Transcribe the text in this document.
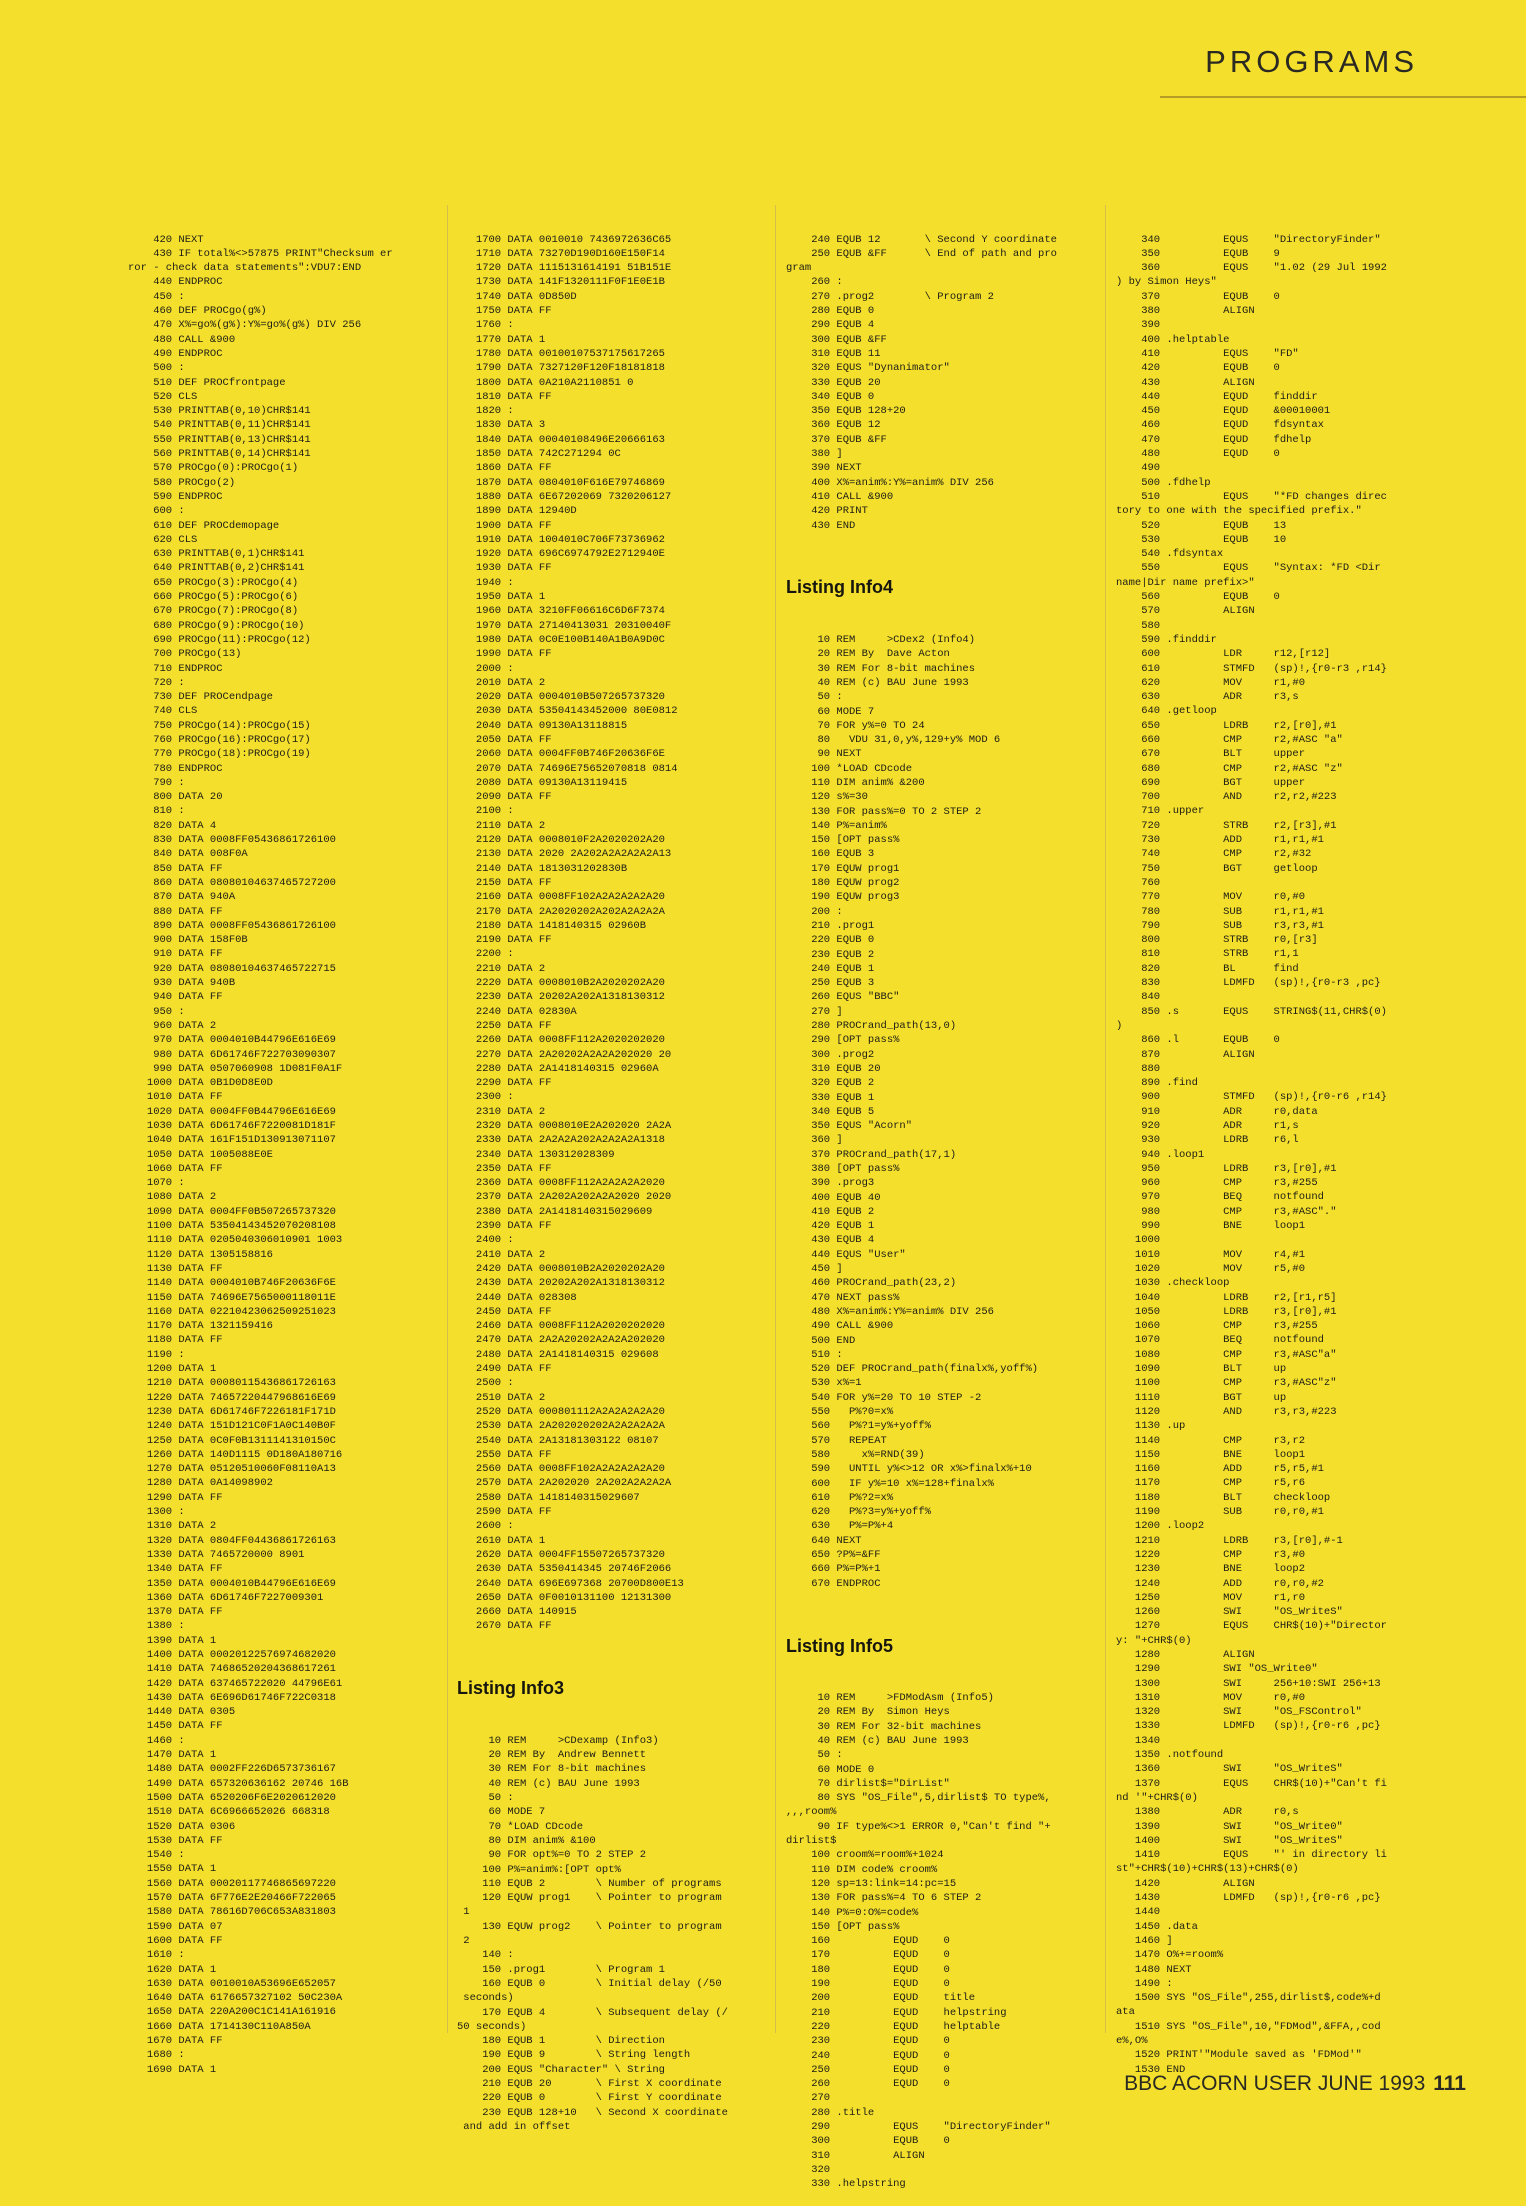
PROGRAMS

420 NEXT
430 IF total%<>57875 PRINT"Checksum er
ror - check data statements":VDU7:END
440 ENDPROC
450 :
460 DEF PROCgo(g%)
470 X%=go%(g%):Y%=go%(g%) DIV 256
480 CALL &900
490 ENDPROC
500 :
510 DEF PROCfrontpage
520 CLS
530 PRINTTAB(0,10)CHR$141
540 PRINTTAB(0,11)CHR$141
550 PRINTTAB(0,13)CHR$141
560 PRINTTAB(0,14)CHR$141
570 PROCgo(0):PROCgo(1)
580 PROCgo(2)
590 ENDPROC
600 :
610 DEF PROCdemopage
620 CLS
630 PRINTTAB(0,1)CHR$141
640 PRINTTAB(0,2)CHR$141
650 PROCgo(3):PROCgo(4)
660 PROCgo(5):PROCgo(6)
670 PROCgo(7):PROCgo(8)
680 PROCgo(9):PROCgo(10)
690 PROCgo(11):PROCgo(12)
700 PROCgo(13)
710 ENDPROC
720 :
730 DEF PROCendpage
740 CLS
750 PROCgo(14):PROCgo(15)
760 PROCgo(16):PROCgo(17)
770 PROCgo(18):PROCgo(19)
780 ENDPROC
790 :
800 DATA 20
810 :
820 DATA 4
830 DATA 0008FF05436861726100
840 DATA 008F0A
850 DATA FF
860 DATA 08080104637465727200
870 DATA 940A
880 DATA FF
890 DATA 0008FF05436861726100
900 DATA 158F0B
910 DATA FF
920 DATA 08080104637465722715
930 DATA 940B
940 DATA FF
950 :
960 DATA 2
970 DATA 0004010B44796E616E69
980 DATA 6D61746F722703090307
990 DATA 0507060908 1D081F0A1F
1000 DATA 0B1D0D8E0D
1010 DATA FF
1020 DATA 0004FF0B44796E616E69
1030 DATA 6D61746F7220081D181F
1040 DATA 161F151D130913071107
1050 DATA 1005088E0E
1060 DATA FF
1070 :
1080 DATA 2
1090 DATA 0004FF0B507265737320
1100 DATA 53504143452070208108
1110 DATA 0205040306010901 1003
1120 DATA 1305158816
1130 DATA FF
1140 DATA 0004010B746F20636F6E
1150 DATA 74696E7565000118011E
1160 DATA 02210423062509251023
1170 DATA 1321159416
1180 DATA FF
1190 :
1200 DATA 1
1210 DATA 00080115436861726163
1220 DATA 74657220447968616E69
1230 DATA 6D61746F7226181F171D
1240 DATA 151D121C0F1A0C140B0F
1250 DATA 0C0F0B1311141310150C
1260 DATA 140D1115 0D180A180716
1270 DATA 05120510060F08110A13
1280 DATA 0A14098902
1290 DATA FF
1300 :
1310 DATA 2
1320 DATA 0804FF04436861726163
1330 DATA 7465720000 8901
1340 DATA FF
1350 DATA 0004010B44796E616E69
1360 DATA 6D61746F7227009301
1370 DATA FF
1380 :
1390 DATA 1
1400 DATA 00020122576974682020
1410 DATA 74686520204368617261
1420 DATA 637465722020 44796E61
1430 DATA 6E696D61746F722C0318
1440 DATA 0305
1450 DATA FF
1460 :
1470 DATA 1
1480 DATA 0002FF226D6573736167
1490 DATA 657320636162 20746 16B
1500 DATA 6520206F6E2020612020
1510 DATA 6C6966652026 668318
1520 DATA 0306
1530 DATA FF
1540 :
1550 DATA 1
1560 DATA 00020117746865697220
1570 DATA 6F776E2E20466F722065
1580 DATA 78616D706C653A831803
1590 DATA 07
1600 DATA FF
1610 :
1620 DATA 1
1630 DATA 0010010A53696E652057
1640 DATA 6176657327102 50C230A
1650 DATA 220A200C1C141A161916
1660 DATA 1714130C110A850A
1670 DATA FF
1680 :
1690 DATA 1

1700 DATA 0010010 7436972636C65
1710 DATA 73270D190D160E150F14
1720 DATA 1115131614191 51B151E
1730 DATA 141F1320111F0F1E0E1B
1740 DATA 0D850D
1750 DATA FF
1760 :
1770 DATA 1
1780 DATA 00100107537175617265
1790 DATA 7327120F120F18181818
1800 DATA 0A210A2110851 0
1810 DATA FF
1820 :
1830 DATA 3
1840 DATA 00040108496E20666163
1850 DATA 742C271294 0C
1860 DATA FF
1870 DATA 0804010F616E79746869
1880 DATA 6E67202069 7320206127
1890 DATA 12940D
1900 DATA FF
1910 DATA 1004010C706F73736962
1920 DATA 696C6974792E2712940E
1930 DATA FF
1940 :
1950 DATA 1
1960 DATA 3210FF06616C6D6F7374
1970 DATA 27140413031 20310040F
1980 DATA 0C0E100B140A1B0A9D0C
1990 DATA FF
2000 :
2010 DATA 2
2020 DATA 0004010B507265737320
2030 DATA 53504143452000 80E0812
2040 DATA 09130A13118815
2050 DATA FF
2060 DATA 0004FF0B746F20636F6E
2070 DATA 74696E75652070818 0814
2080 DATA 09130A13119415
2090 DATA FF
2100 :
2110 DATA 2
2120 DATA 0008010F2A2020202A20
2130 DATA 2020 2A202A2A2A2A2A13
2140 DATA 1813031202830B
2150 DATA FF
2160 DATA 0008FF102A2A2A2A2A20
2170 DATA 2A2020202A202A2A2A2A
2180 DATA 1418140315 02960B
2190 DATA FF
2200 :
2210 DATA 2
2220 DATA 0008010B2A2020202A20
2230 DATA 20202A202A1318130312
2240 DATA 02830A
2250 DATA FF
2260 DATA 0008FF112A2020202020
2270 DATA 2A20202A2A2A202020 20
2280 DATA 2A1418140315 02960A
2290 DATA FF
2300 :
2310 DATA 2
2320 DATA 0008010E2A202020 2A2A
2330 DATA 2A2A2A202A2A2A2A1318
2340 DATA 130312028309
2350 DATA FF
2360 DATA 0008FF112A2A2A2A2020
2370 DATA 2A202A202A2A2020 2020
2380 DATA 2A1418140315029609
2390 DATA FF
2400 :
2410 DATA 2
2420 DATA 0008010B2A2020202A20
2430 DATA 20202A202A1318130312
2440 DATA 028308
2450 DATA FF
2460 DATA 0008FF112A2020202020
2470 DATA 2A2A20202A2A2A202020
2480 DATA 2A1418140315 029608
2490 DATA FF
2500 :
2510 DATA 2
2520 DATA 000801112A2A2A2A2A20
2530 DATA 2A202020202A2A2A2A2A
2540 DATA 2A13181303122 08107
2550 DATA FF
2560 DATA 0008FF102A2A2A2A2A20
2570 DATA 2A202020 2A202A2A2A2A
2580 DATA 1418140315029607
2590 DATA FF
2600 :
2610 DATA 1
2620 DATA 0004FF15507265737320
2630 DATA 5350414345 20746F2066
2640 DATA 696E697368 20700D800E13
2650 DATA 0F0010131100 12131300
2660 DATA 140915
2670 DATA FF

Listing Info3

10 REM     >CDexamp (Info3)
20 REM By  Andrew Bennett
30 REM For 8-bit machines
40 REM (c) BAU June 1993
50 :
60 MODE 7
70 *LOAD CDcode
80 DIM anim% &100
90 FOR opt%=0 TO 2 STEP 2
100 P%=anim%:[OPT opt%
110 EQUB 2        \ Number of programs
120 EQUW prog1    \ Pointer to program
1
130 EQUW prog2    \ Pointer to program
2
140 :
150 .prog1        \ Program 1
160 EQUB 0        \ Initial delay (/50
seconds)
170 EQUB 4        \ Subsequent delay (/
50 seconds)
180 EQUB 1        \ Direction
190 EQUB 9        \ String length
200 EQUS "Character" \ String
210 EQUB 20       \ First X coordinate
220 EQUB 0        \ First Y coordinate
230 EQUB 128+10   \ Second X coordinate
and add in offset

240 EQUB 12       \ Second Y coordinate
250 EQUB &FF      \ End of path and pro
gram
260 :
270 .prog2        \ Program 2
280 EQUB 0
290 EQUB 4
300 EQUB &FF
310 EQUB 11
320 EQUS "Dynanimator"
330 EQUB 20
340 EQUB 0
350 EQUB 128+20
360 EQUB 12
370 EQUB &FF
380 ]
390 NEXT
400 X%=anim%:Y%=anim% DIV 256
410 CALL &900
420 PRINT
430 END

Listing Info4

10 REM     >CDex2 (Info4)
20 REM By  Dave Acton
30 REM For 8-bit machines
40 REM (c) BAU June 1993
50 :
60 MODE 7
70 FOR y%=0 TO 24
80   VDU 31,0,y%,129+y% MOD 6
90 NEXT
100 *LOAD CDcode
110 DIM anim% &200
120 s%=30
130 FOR pass%=0 TO 2 STEP 2
140 P%=anim%
150 [OPT pass%
160 EQUB 3
170 EQUW prog1
180 EQUW prog2
190 EQUW prog3
200 :
210 .prog1
220 EQUB 0
230 EQUB 2
240 EQUB 1
250 EQUB 3
260 EQUS "BBC"
270 ]
280 PROCrand_path(13,0)
290 [OPT pass%
300 .prog2
310 EQUB 20
320 EQUB 2
330 EQUB 1
340 EQUB 5
350 EQUS "Acorn"
360 ]
370 PROCrand_path(17,1)
380 [OPT pass%
390 .prog3
400 EQUB 40
410 EQUB 2
420 EQUB 1
430 EQUB 4
440 EQUS "User"
450 ]
460 PROCrand_path(23,2)
470 NEXT pass%
480 X%=anim%:Y%=anim% DIV 256
490 CALL &900
500 END
510 :
520 DEF PROCrand_path(finalx%,yoff%)
530 x%=1
540 FOR y%=20 TO 10 STEP -2
550   P%?0=x%
560   P%?1=y%+yoff%
570   REPEAT
580     x%=RND(39)
590   UNTIL y%<>12 OR x%>finalx%+10
600   IF y%=10 x%=128+finalx%
610   P%?2=x%
620   P%?3=y%+yoff%
630   P%=P%+4
640 NEXT
650 ?P%=&FF
660 P%=P%+1
670 ENDPROC

Listing Info5

10 REM     >FDModAsm (Info5)
20 REM By  Simon Heys
30 REM For 32-bit machines
40 REM (c) BAU June 1993
50 :
60 MODE 0
70 dirlist$="DirList"
80 SYS "OS_File",5,dirlist$ TO type%,
,,,room%
90 IF type%<>1 ERROR 0,"Can't find "+
dirlist$
100 croom%=room%+1024
110 DIM code% croom%
120 sp=13:link=14:pc=15
130 FOR pass%=4 TO 6 STEP 2
140 P%=0:O%=code%
150 [OPT pass%
160          EQUD    0
170          EQUD    0
180          EQUD    0
190          EQUD    0
200          EQUD    title
210          EQUD    helpstring
220          EQUD    helptable
230          EQUD    0
240          EQUD    0
250          EQUD    0
260          EQUD    0
270
280 .title
290          EQUS    "DirectoryFinder"
300          EQUB    0
310          ALIGN
320
330 .helpstring

340          EQUS    "DirectoryFinder"
350          EQUB    9
360          EQUS    "1.02 (29 Jul 1992
) by Simon Heys"
370          EQUB    0
380          ALIGN
390
400 .helptable
410          EQUS    "FD"
420          EQUB    0
430          ALIGN
440          EQUD    finddir
450          EQUD    &00010001
460          EQUD    fdsyntax
470          EQUD    fdhelp
480          EQUD    0
490
500 .fdhelp
510          EQUS    "*FD changes direc
tory to one with the specified prefix."
520          EQUB    13
530          EQUB    10
540 .fdsyntax
550          EQUS    "Syntax: *FD <Dir
name|Dir name prefix>"
560          EQUB    0
570          ALIGN
580
590 .finddir
600          LDR     r12,[r12]
610          STMFD   (sp)!,{r0-r3 ,r14}
620          MOV     r1,#0
630          ADR     r3,s
640 .getloop
650          LDRB    r2,[r0],#1
660          CMP     r2,#ASC "a"
670          BLT     upper
680          CMP     r2,#ASC "z"
690          BGT     upper
700          AND     r2,r2,#223
710 .upper
720          STRB    r2,[r3],#1
730          ADD     r1,r1,#1
740          CMP     r2,#32
750          BGT     getloop
760
770          MOV     r0,#0
780          SUB     r1,r1,#1
790          SUB     r3,r3,#1
800          STRB    r0,[r3]
810          STRB    r1,1
820          BL      find
830          LDMFD   (sp)!,{r0-r3 ,pc}
840
850 .s       EQUS    STRING$(11,CHR$(0)
)
860 .l       EQUB    0
870          ALIGN
880
890 .find
900          STMFD   (sp)!,{r0-r6 ,r14}
910          ADR     r0,data
920          ADR     r1,s
930          LDRB    r6,l
940 .loop1
950          LDRB    r3,[r0],#1
960          CMP     r3,#255
970          BEQ     notfound
980          CMP     r3,#ASC"."
990          BNE     loop1
1000
1010          MOV     r4,#1
1020          MOV     r5,#0
1030 .checkloop
1040          LDRB    r2,[r1,r5]
1050          LDRB    r3,[r0],#1
1060          CMP     r3,#255
1070          BEQ     notfound
1080          CMP     r3,#ASC"a"
1090          BLT     up
1100          CMP     r3,#ASC"z"
1110          BGT     up
1120          AND     r3,r3,#223
1130 .up
1140          CMP     r3,r2
1150          BNE     loop1
1160          ADD     r5,r5,#1
1170          CMP     r5,r6
1180          BLT     checkloop
1190          SUB     r0,r0,#1
1200 .loop2
1210          LDRB    r3,[r0],#-1
1220          CMP     r3,#0
1230          BNE     loop2
1240          ADD     r0,r0,#2
1250          MOV     r1,r0
1260          SWI     "OS_WriteS"
1270          EQUS    CHR$(10)+"Director
y: "+CHR$(0)
1280          ALIGN
1290          SWI "OS_Write0"
1300          SWI     256+10:SWI 256+13
1310          MOV     r0,#0
1320          SWI     "OS_FSControl"
1330          LDMFD   (sp)!,{r0-r6 ,pc}
1340
1350 .notfound
1360          SWI     "OS_WriteS"
1370          EQUS    CHR$(10)+"Can't fi
nd '"+CHR$(0)
1380          ADR     r0,s
1390          SWI     "OS_Write0"
1400          SWI     "OS_WriteS"
1410          EQUS    "' in directory li
st"+CHR$(10)+CHR$(13)+CHR$(0)
1420          ALIGN
1430          LDMFD   (sp)!,{r0-r6 ,pc}
1440
1450 .data
1460 ]
1470 O%+=room%
1480 NEXT
1490 :
1500 SYS "OS_File",255,dirlist$,code%+d
ata
1510 SYS "OS_File",10,"FDMod",&FFA,,cod
e%,O%
1520 PRINT'"Module saved as 'FDMod'"
1530 END

BBC ACORN USER JUNE 1993 111
